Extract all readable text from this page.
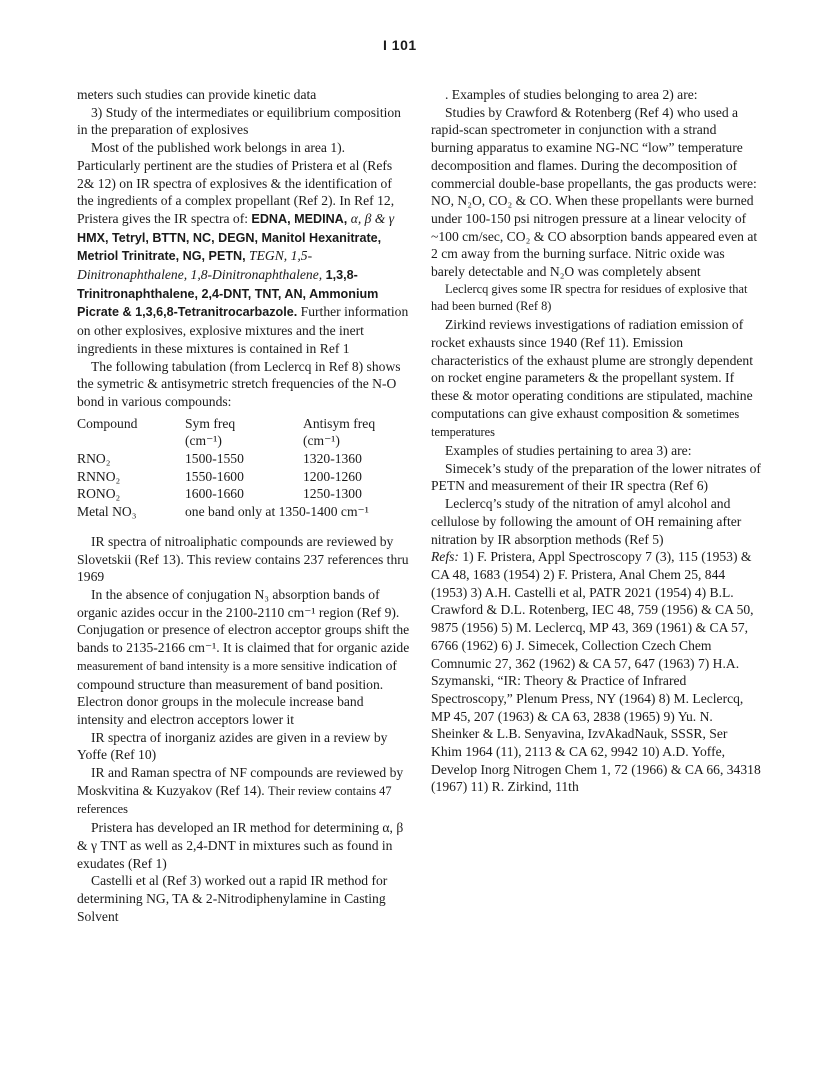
I 101

meters such studies can provide kinetic data

3) Study of the intermediates or equilibrium composition in the preparation of explosives

Most of the published work belongs in area 1). Particularly pertinent are the studies of Pristera et al (Refs 2& 12) on IR spectra of explosives & the identification of the ingredients of a complex propellant (Ref 2). In Ref 12, Pristera gives the IR spectra of: EDNA, MEDINA, α, β & γ HMX, Tetryl, BTTN, NC, DEGN, Manitol Hexanitrate, Metriol Trinitrate, NG, PETN, TEGN, 1,5-Dinitronaphthalene, 1,8-Dinitronaphthalene, 1,3,8-Trinitronaphthalene, 2,4-DNT, TNT, AN, Ammonium Picrate & 1,3,6,8-Tetranitrocarbazole. Further information on other explosives, explosive mixtures and the inert ingredients in these mixtures is contained in Ref 1

The following tabulation (from Leclercq in Ref 8) shows the symetric & antisymetric stretch frequencies of the N-O bond in various compounds:

Compound	Sym freq	Antisym freq
	(cm⁻¹)	(cm⁻¹)
RNO₂	1500-1550	1320-1360
RNNO₂	1550-1600	1200-1260
RONO₂	1600-1660	1250-1300
Metal NO₃	one band only at 1350-1400 cm⁻¹	

IR spectra of nitroaliphatic compounds are reviewed by Slovetskii (Ref 13). This review contains 237 references thru 1969

In the absence of conjugation N₃ absorption bands of organic azides occur in the 2100-2110 cm⁻¹ region (Ref 9). Conjugation or presence of electron acceptor groups shift the bands to 2135-2166 cm⁻¹. It is claimed that for organic azide measurement of band intensity is a more sensitive indication of compound structure than measurement of band position. Electron donor groups in the molecule increase band intensity and electron acceptors lower it

IR spectra of inorganiz azides are given in a review by Yoffe (Ref 10)

IR and Raman spectra of NF compounds are reviewed by Moskvitina & Kuzyakov (Ref 14). Their review contains 47 references

Pristera has developed an IR method for determining α, β & γ TNT as well as 2,4-DNT in mixtures such as found in exudates (Ref 1)

Castelli et al (Ref 3) worked out a rapid IR method for determining NG, TA & 2-Nitrodiphenylamine in Casting Solvent

. Examples of studies belonging to area 2) are:

Studies by Crawford & Rotenberg (Ref 4) who used a rapid-scan spectrometer in conjunction with a strand burning apparatus to examine NG-NC “low” temperature decomposition and flames. During the decomposition of commercial double-base propellants, the gas products were: NO, N₂O, CO₂ & CO. When these propellants were burned under 100-150 psi nitrogen pressure at a linear velocity of ~100 cm/sec, CO₂ & CO absorption bands appeared even at 2 cm away from the burning surface. Nitric oxide was barely detectable and N₂O was completely absent

Leclercq gives some IR spectra for residues of explosive that had been burned (Ref 8)

Zirkind reviews investigations of radiation emission of rocket exhausts since 1940 (Ref 11). Emission characteristics of the exhaust plume are strongly dependent on rocket engine parameters & the propellant system. If these & motor operating conditions are stipulated, machine computations can give exhaust composition & sometimes temperatures

Examples of studies pertaining to area 3) are:

Simecek’s study of the preparation of the lower nitrates of PETN and measurement of their IR spectra (Ref 6)

Leclercq’s study of the nitration of amyl alcohol and cellulose by following the amount of OH remaining after nitration by IR absorption methods (Ref 5)

Refs: 1) F. Pristera, Appl Spectroscopy 7 (3), 115 (1953) & CA 48, 1683 (1954) 2) F. Pristera, Anal Chem 25, 844 (1953) 3) A.H. Castelli et al, PATR 2021 (1954) 4) B.L. Crawford & D.L. Rotenberg, IEC 48, 759 (1956) & CA 50, 9875 (1956) 5) M. Leclercq, MP 43, 369 (1961) & CA 57, 6766 (1962) 6) J. Simecek, Collection Czech Chem Comnumic 27, 362 (1962) & CA 57, 647 (1963) 7) H.A. Szymanski, “IR: Theory & Practice of Infrared Spectroscopy,” Plenum Press, NY (1964) 8) M. Leclercq, MP 45, 207 (1963) & CA 63, 2838 (1965) 9) Yu. N. Sheinker & L.B. Senyavina, IzvAkadNauk, SSSR, Ser Khim 1964 (11), 2113 & CA 62, 9942 10) A.D. Yoffe, Develop Inorg Nitrogen Chem 1, 72 (1966) & CA 66, 34318 (1967) 11) R. Zirkind, 11th
